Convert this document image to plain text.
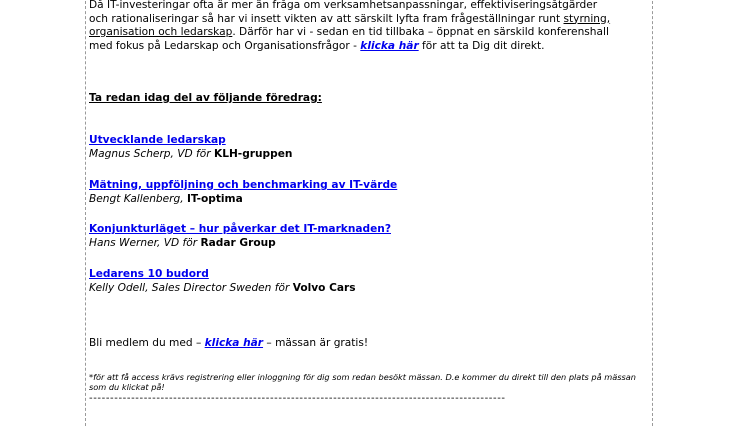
Då IT-investeringar ofta är mer än fråga om verksamhetsanpassningar, effektiviseringsåtgärder
och rationaliseringar så har vi insett vikten av att särskilt lyfta fram frågeställningar runt styrning,
organisation och ledarskap. Därför har vi - sedan en tid tillbaka – öppnat en särskild konferenshall
med fokus på Ledarskap och Organisationsfrågor - klicka här för att ta Dig dit direkt.
Ta redan idag del av följande föredrag:
Utvecklande ledarskap
Magnus Scherp, VD för KLH-gruppen
Mätning, uppföljning och benchmarking av IT-värde
Bengt Kallenberg, IT-optima
Konjunkturläget – hur påverkar det IT-marknaden?
Hans Werner, VD för Radar Group
Ledarens 10 budord
Kelly Odell, Sales Director Sweden för Volvo Cars
Bli medlem du med – klicka här – mässan är gratis!
*för att få access krävs registrering eller inloggning för dig som redan besökt mässan. D.e kommer du direkt till den plats på mässan som du klickat på!
---------------------------------------------------------------------------------------------------
